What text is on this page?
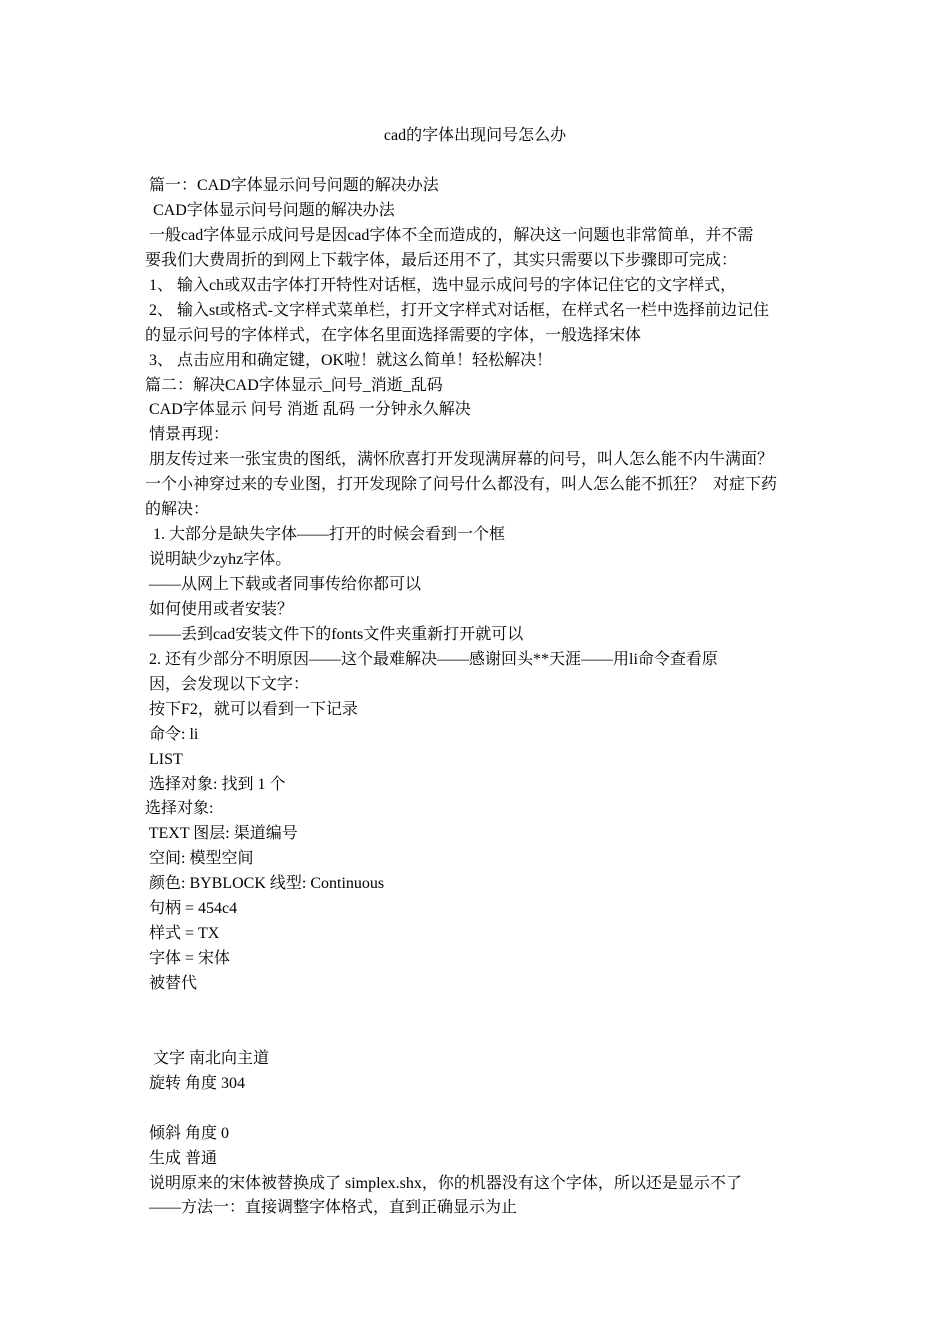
cad的字体出现问号怎么办
篇一：CAD字体显示问号问题的解决办法
CAD字体显示问号问题的解决办法
一般cad字体显示成问号是因cad字体不全而造成的，解决这一问题也非常简单，并不需
要我们大费周折的到网上下载字体，最后还用不了，其实只需要以下步骤即可完成：
1、 输入ch或双击字体打开特性对话框，选中显示成问号的字体记住它的文字样式，
2、 输入st或格式-文字样式菜单栏，打开文字样式对话框，在样式名一栏中选择前边记住
的显示问号的字体样式，在字体名里面选择需要的字体，一般选择宋体
3、 点击应用和确定键，OK啦！就这么简单！轻松解决！
篇二：解决CAD字体显示_问号_消逝_乱码
CAD字体显示 问号 消逝 乱码 一分钟永久解决
情景再现：
朋友传过来一张宝贵的图纸，满怀欣喜打开发现满屏幕的问号，叫人怎么能不内牛满面？
一个小神穿过来的专业图，打开发现除了问号什么都没有，叫人怎么能不抓狂？  对症下药
的解决：
1. 大部分是缺失字体——打开的时候会看到一个框
说明缺少zyhz字体。
——从网上下载或者同事传给你都可以
如何使用或者安装？
——丢到cad安装文件下的fonts文件夹重新打开就可以
2. 还有少部分不明原因——这个最难解决——感谢回头**天涯——用li命令查看原
因，会发现以下文字：
按下F2，就可以看到一下记录
命令: li
LIST
选择对象: 找到 1 个
选择对象:
TEXT 图层: 渠道编号
空间: 模型空间
颜色: BYBLOCK 线型: Continuous
句柄 = 454c4
样式 = TX
字体 = 宋体
被替代
文字 南北向主道
旋转 角度 304
倾斜 角度 0
生成 普通
说明原来的宋体被替换成了 simplex.shx，你的机器没有这个字体，所以还是显示不了
——方法一：直接调整字体格式，直到正确显示为止
